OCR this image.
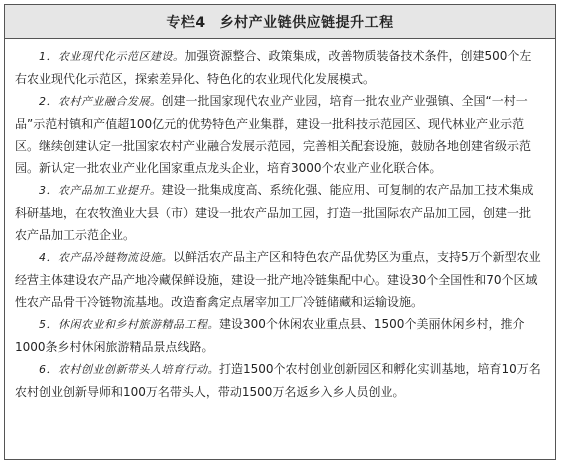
专栏4 乡村产业链供应链提升工程

1．农业现代化示范区建设。加强资源整合、政策集成，改善物质装备技术条件，创建500个左右农业现代化示范区，探索差异化、特色化的农业现代化发展模式。

2．农村产业融合发展。创建一批国家现代农业产业园，培育一批农业产业强镇、全国“一村一品”示范村镇和产值超100亿元的优势特色产业集群，建设一批科技示范园区、现代林业产业示范区。继续创建认定一批国家农村产业融合发展示范园，完善相关配套设施，鼓励各地创建省级示范园。新认定一批农业产业化国家重点龙头企业，培育3000个农业产业化联合体。

3．农产品加工业提升。建设一批集成度高、系统化强、能应用、可复制的农产品加工技术集成科研基地，在农牧渔业大县（市）建设一批农产品加工园，打造一批国际农产品加工园，创建一批农产品加工示范企业。

4．农产品冷链物流设施。以鲜活农产品主产区和特色农产品优势区为重点，支持5万个新型农业经营主体建设农产品产地冷藏保鲜设施，建设一批产地冷链集配中心。建设30个全国性和70个区域性农产品骨干冷链物流基地。改造畜禽定点屠宰加工厂冷链储藏和运输设施。

5．休闲农业和乡村旅游精品工程。建设300个休闲农业重点县、1500个美丽休闲乡村，推介1000条乡村休闲旅游精品景点线路。

6．农村创业创新带头人培育行动。打造1500个农村创业创新园区和孵化实训基地，培育10万名农村创业创新导师和100万名带头人，带动1500万名返乡入乡人员创业。
